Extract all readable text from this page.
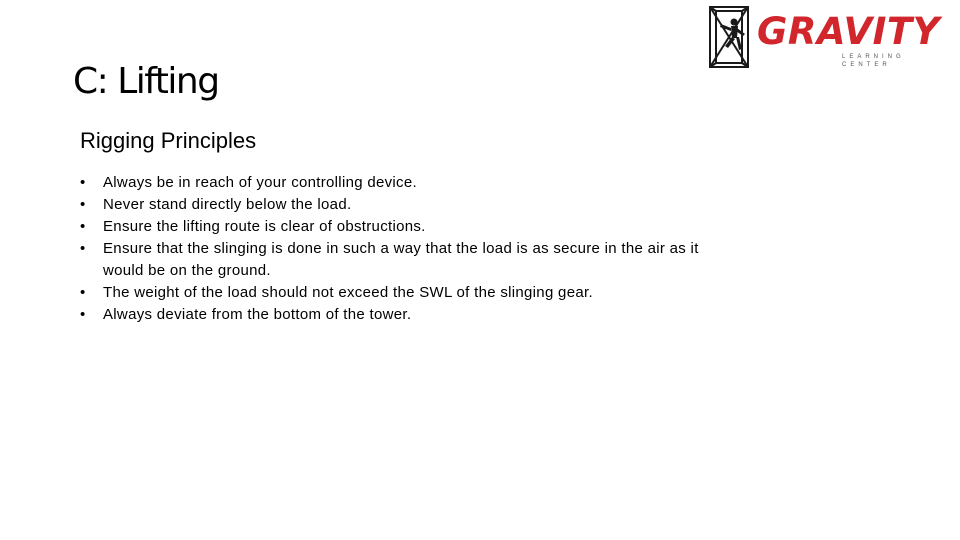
GRAVITY
LEARNING CENTER
C: Lifting
Rigging Principles
• Always be in reach of your controlling device.
• Never stand directly below the load.
• Ensure the lifting route is clear of obstructions.
• Ensure that the slinging is done in such a way that the load is as secure in the air as it would be on the ground.
• The weight of the load should not exceed the SWL of the slinging gear.
• Always deviate from the bottom of the tower.
